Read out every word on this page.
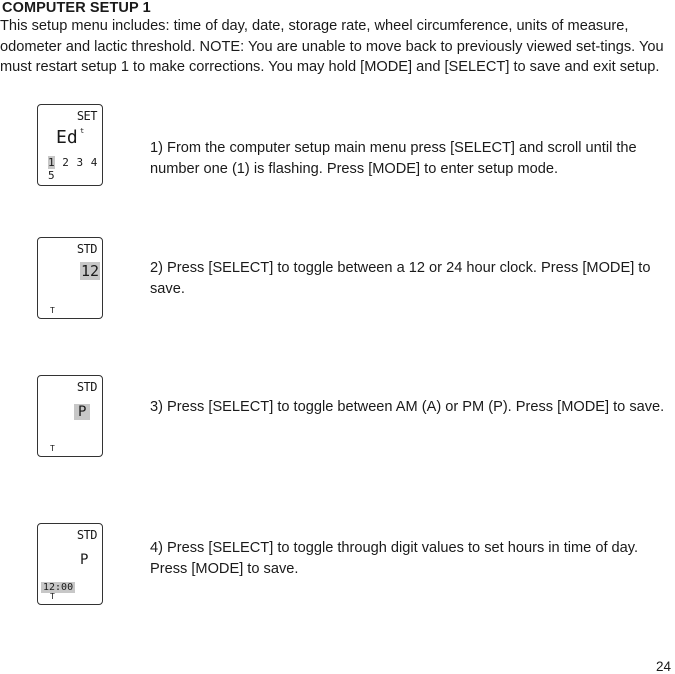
COMPUTER SETUP 1
This setup menu includes: time of day, date, storage rate, wheel circumference, units of measure, odometer and lactic threshold. NOTE: You are unable to move back to previously viewed set-tings. You must restart setup 1 to make corrections. You may hold [MODE] and [SELECT] to save and exit setup.
SET
Ed t
1 2 3 4 5
1) From the computer setup main menu press [SELECT] and scroll until the number one (1) is flashing. Press [MODE] to enter setup mode.
STD
12
T
2) Press [SELECT] to toggle between a 12 or 24 hour clock. Press [MODE] to save.
STD
P
T
3) Press [SELECT] to toggle between AM (A) or PM (P). Press [MODE] to save.
STD
P
12:00
T
4) Press [SELECT] to toggle through digit values to set hours in time of day. Press [MODE] to save.
24
